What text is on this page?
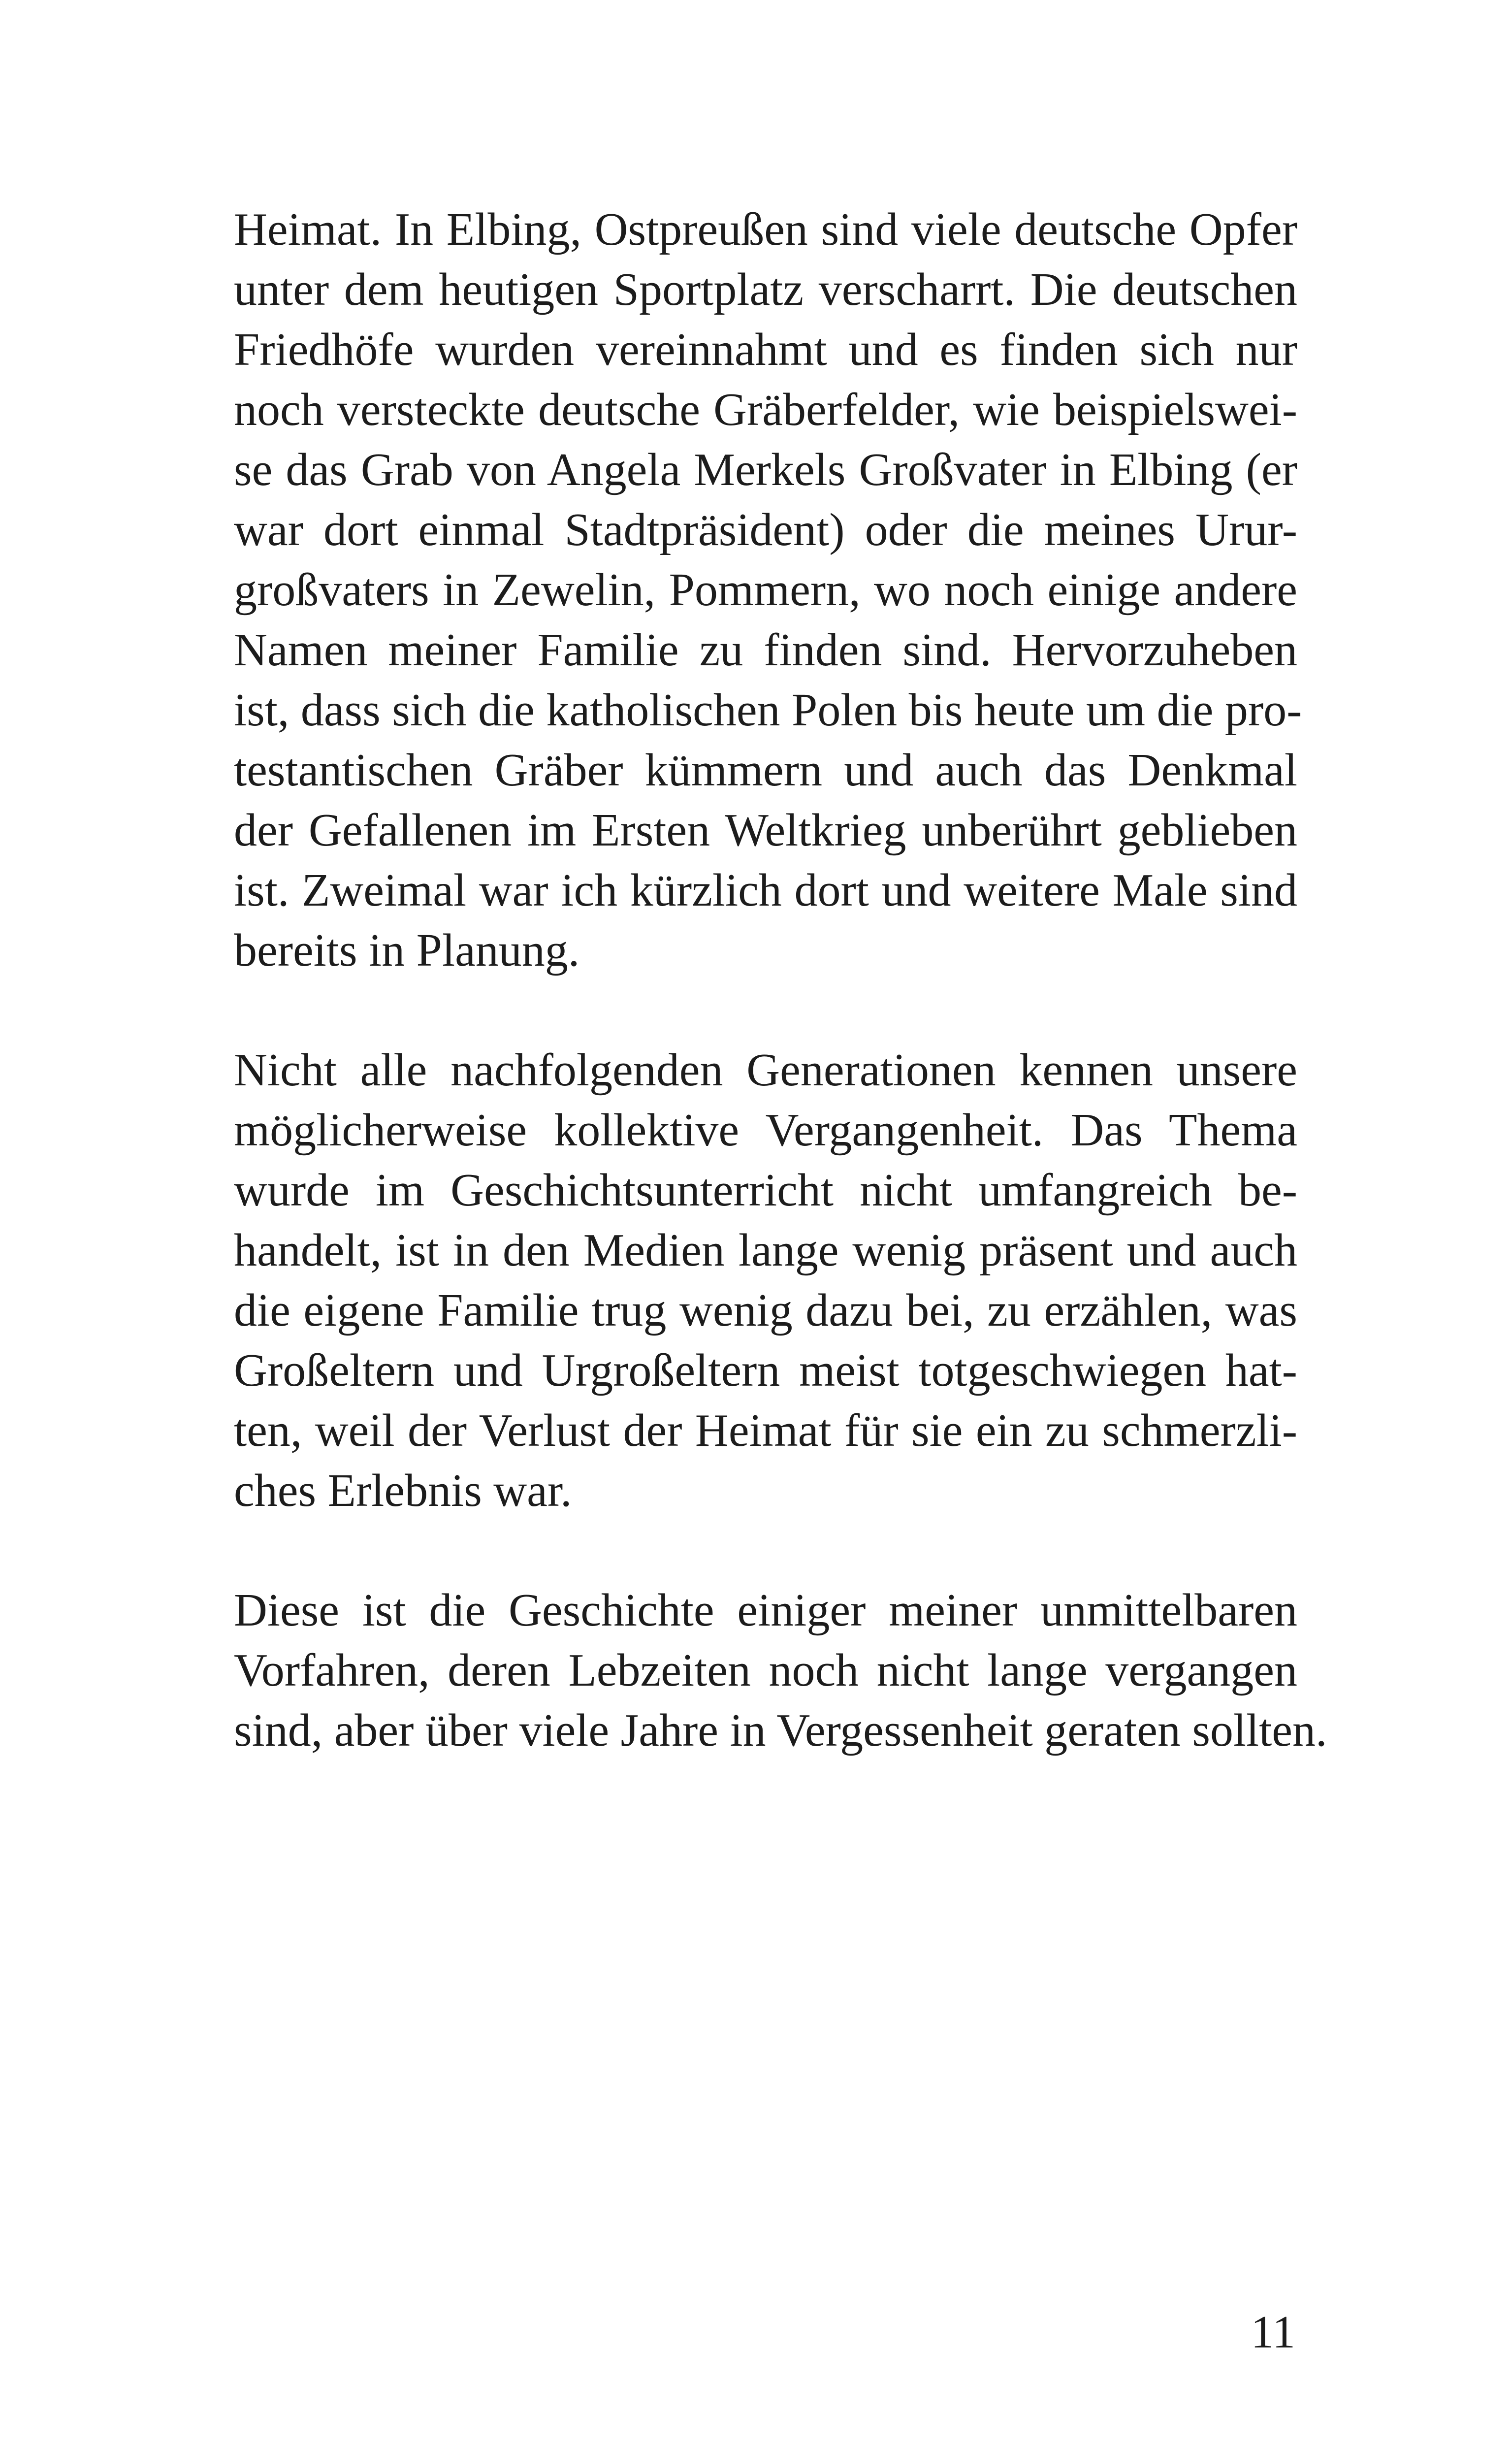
Heimat. In Elbing, Ostpreußen sind viele deutsche Opfer
unter dem heutigen Sportplatz verscharrt. Die deutschen
Friedhöfe wurden vereinnahmt und es finden sich nur
noch versteckte deutsche Gräberfelder, wie beispielswei-
se das Grab von Angela Merkels Großvater in Elbing (er
war dort einmal Stadtpräsident) oder die meines Urur-
großvaters in Zewelin, Pommern, wo noch einige andere
Namen meiner Familie zu finden sind. Hervorzuheben
ist, dass sich die katholischen Polen bis heute um die pro-
testantischen Gräber kümmern und auch das Denkmal
der Gefallenen im Ersten Weltkrieg unberührt geblieben
ist. Zweimal war ich kürzlich dort und weitere Male sind
bereits in Planung.
Nicht alle nachfolgenden Generationen kennen unsere
möglicherweise kollektive Vergangenheit. Das Thema
wurde im Geschichtsunterricht nicht umfangreich be-
handelt, ist in den Medien lange wenig präsent und auch
die eigene Familie trug wenig dazu bei, zu erzählen, was
Großeltern und Urgroßeltern meist totgeschwiegen hat-
ten, weil der Verlust der Heimat für sie ein zu schmerzli-
ches Erlebnis war.
Diese ist die Geschichte einiger meiner unmittelbaren
Vorfahren, deren Lebzeiten noch nicht lange vergangen
sind, aber über viele Jahre in Vergessenheit geraten sollten.
11
